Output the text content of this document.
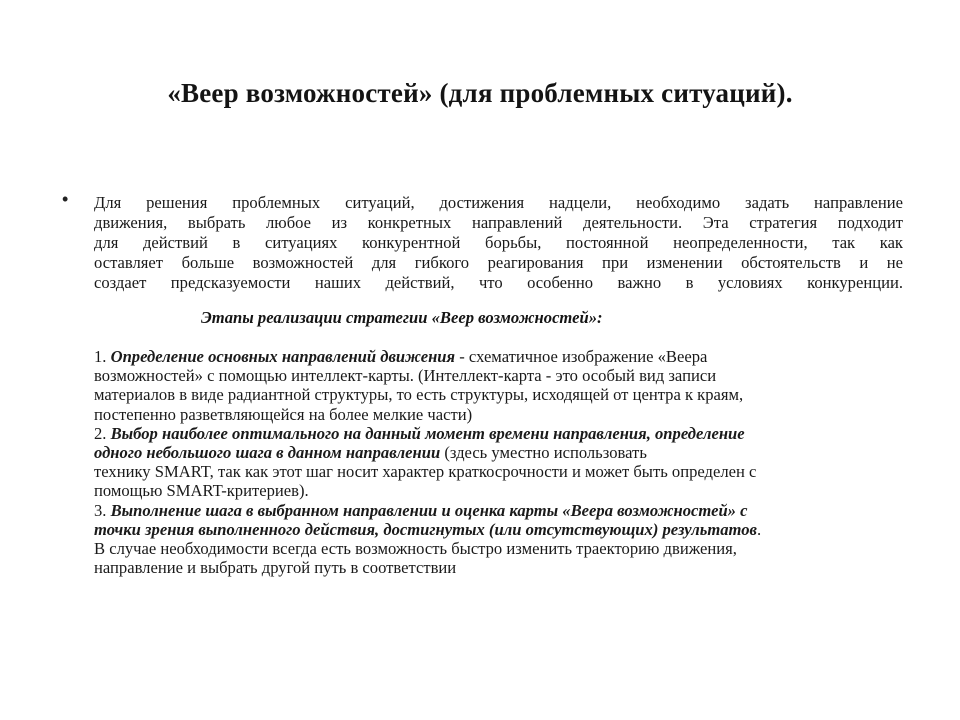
«Веер возможностей» (для проблемных ситуаций).
• Для решения проблемных ситуаций, достижения надцели, необходимо задать направление
движения, выбрать любое из конкретных направлений деятельности. Эта стратегия подходит
для действий в ситуациях конкурентной борьбы, постоянной неопределенности, так как
оставляет больше возможностей для гибкого реагирования при изменении обстоятельств и не
создает предсказуемости наших действий, что особенно важно в условиях конкуренции.
Этапы реализации стратегии «Веер возможностей»:
1. Определение основных направлений движения - схематичное изображение «Веера
возможностей» с помощью интеллект-карты. (Интеллект-карта - это особый вид записи
материалов в виде радиантной структуры, то есть структуры, исходящей от центра к краям,
постепенно разветвляющейся на более мелкие части)
2. Выбор наиболее оптимального на данный момент времени направления, определение
одного небольшого шага в данном направлении (здесь уместно использовать
технику SMART, так как этот шаг носит характер краткосрочности и может быть определен с
помощью SMART-критериев).
3. Выполнение шага в выбранном направлении и оценка карты «Веера возможностей» с
точки зрения выполненного действия, достигнутых (или отсутствующих) результатов.
В случае необходимости всегда есть возможность быстро изменить траекторию движения,
направление и выбрать другой путь в соответствии
